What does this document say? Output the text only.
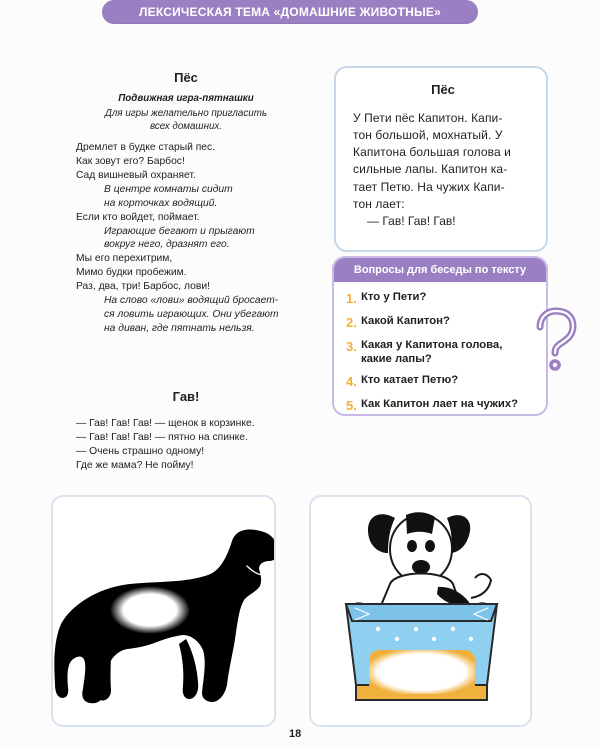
ЛЕКСИЧЕСКАЯ ТЕМА «ДОМАШНИЕ ЖИВОТНЫЕ»
Пёс

Подвижная игра-пятнашки

Для игры желательно пригласить
всех домашних.

Дремлет в будке старый пес.

Как зовут его? Барбос!

Сад вишневый охраняет.

В центре комнаты сидит

на корточках водящий.

Если кто войдет, поймает.

Играющие бегают и прыгают

вокруг него, дразнят его.

Мы его перехитрим,

Мимо будки пробежим.

Раз, два, три! Барбос, лови!

На слово «лови» водящий бросает-

ся ловить играющих. Они убегают

на диван, где пятнать нельзя.

Гав!

— Гав! Гав! Гав! — щенок в корзинке.

— Гав! Гав! Гав! — пятно на спинке.

— Очень страшно одному!

Где же мама? Не пойму!

Пёс

У Пети пёс Капитон. Капи-

тон большой, мохнатый. У

Капитона большая голова и

сильные лапы. Капитон ка-

тает Петю. На чужих Капи-

тон лает:

— Гав! Гав! Гав!

Вопросы для беседы по тексту
1. Кто у Пети?
2. Какой Капитон?
3. Какая у Капитона голова, какие лапы?
4. Кто катает Петю?
5. Как Капитон лает на чужих?
18
